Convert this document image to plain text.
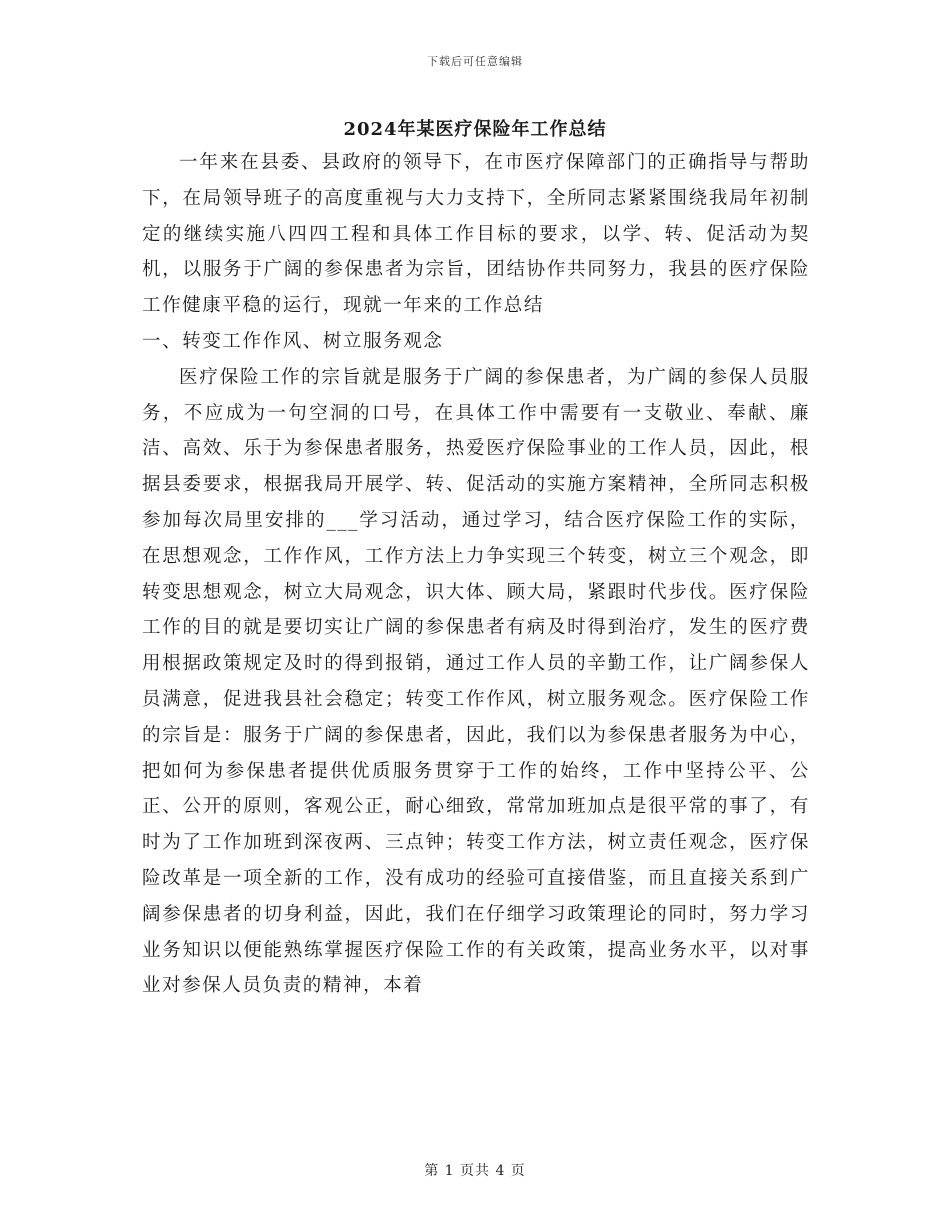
下载后可任意编辑
2024年某医疗保险年工作总结

一年来在县委、县政府的领导下，在市医疗保障部门的正确指导与帮助下，在局领导班子的高度重视与大力支持下，全所同志紧紧围绕我局年初制定的继续实施八四四工程和具体工作目标的要求，以学、转、促活动为契机，以服务于广阔的参保患者为宗旨，团结协作共同努力，我县的医疗保险工作健康平稳的运行，现就一年来的工作总结

一、转变工作作风、树立服务观念

医疗保险工作的宗旨就是服务于广阔的参保患者，为广阔的参保人员服务，不应成为一句空洞的口号，在具体工作中需要有一支敬业、奉献、廉洁、高效、乐于为参保患者服务，热爱医疗保险事业的工作人员，因此，根据县委要求，根据我局开展学、转、促活动的实施方案精神，全所同志积极参加每次局里安排的___学习活动，通过学习，结合医疗保险工作的实际，在思想观念，工作作风，工作方法上力争实现三个转变，树立三个观念，即转变思想观念，树立大局观念，识大体、顾大局，紧跟时代步伐。医疗保险工作的目的就是要切实让广阔的参保患者有病及时得到治疗，发生的医疗费用根据政策规定及时的得到报销，通过工作人员的辛勤工作，让广阔参保人员满意，促进我县社会稳定；转变工作作风，树立服务观念。医疗保险工作的宗旨是：服务于广阔的参保患者，因此，我们以为参保患者服务为中心，把如何为参保患者提供优质服务贯穿于工作的始终，工作中坚持公平、公正、公开的原则，客观公正，耐心细致，常常加班加点是很平常的事了，有时为了工作加班到深夜两、三点钟；转变工作方法，树立责任观念，医疗保险改革是一项全新的工作，没有成功的经验可直接借鉴，而且直接关系到广阔参保患者的切身利益，因此，我们在仔细学习政策理论的同时，努力学习业务知识以便能熟练掌握医疗保险工作的有关政策，提高业务水平，以对事业对参保人员负责的精神，本着

第 1 页共 4 页
